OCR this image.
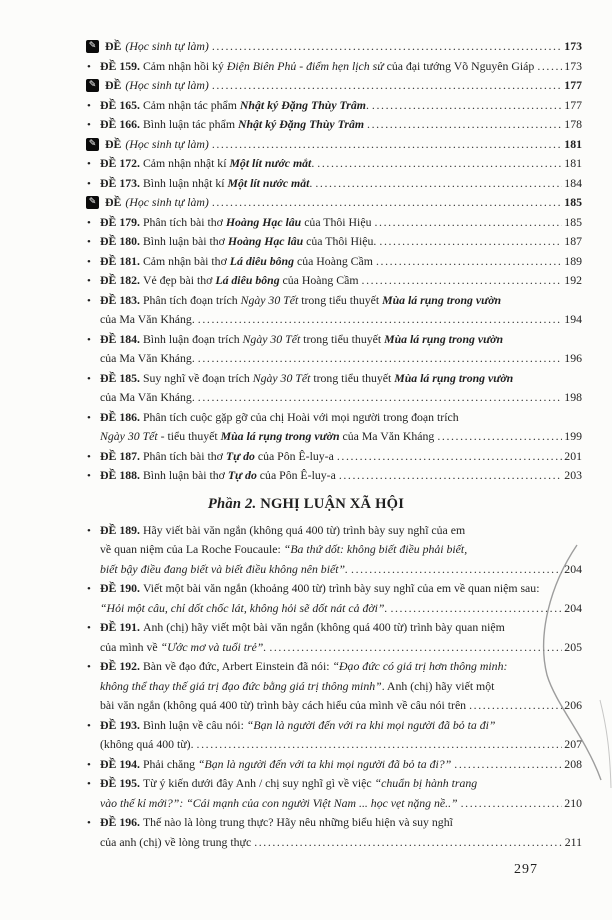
✎ ĐỀ (Học sinh tự làm) .....	173
• ĐỀ 159. Cảm nhận hồi ký Điện Biên Phủ - điểm hẹn lịch sử của đại tướng Võ Nguyên Giáp .....	173
✎ ĐỀ (Học sinh tự làm) .....	177
• ĐỀ 165. Cảm nhận tác phẩm Nhật ký Đặng Thùy Trâm. .....	177
• ĐỀ 166. Bình luận tác phẩm Nhật ký Đặng Thùy Trâm .....	178
✎ ĐỀ (Học sinh tự làm) .....	181
• ĐỀ 172. Cảm nhận nhật kí Một lít nước mắt. .....	181
• ĐỀ 173. Bình luận nhật kí Một lít nước mắt. .....	184
✎ ĐỀ (Học sinh tự làm) .....	185
• ĐỀ 179. Phân tích bài thơ Hoàng Hạc lâu của Thôi Hiệu .....	185
• ĐỀ 180. Bình luận bài thơ Hoàng Hạc lâu của Thôi Hiệu. .....	187
• ĐỀ 181. Cảm nhận bài thơ Lá diêu bông của Hoàng Cầm .....	189
• ĐỀ 182. Vẻ đẹp bài thơ Lá diêu bông của Hoàng Cầm .....	192
• ĐỀ 183. Phân tích đoạn trích Ngày 30 Tết trong tiểu thuyết Mùa lá rụng trong vườn
của Ma Văn Kháng. .....	194
• ĐỀ 184. Bình luận đoạn trích Ngày 30 Tết trong tiểu thuyết Mùa lá rụng trong vườn
của Ma Văn Kháng. .....	196
• ĐỀ 185. Suy nghĩ về đoạn trích Ngày 30 Tết trong tiểu thuyết Mùa lá rụng trong vườn
của Ma Văn Kháng. .....	198
• ĐỀ 186. Phân tích cuộc gặp gỡ của chị Hoài với mọi người trong đoạn trích
Ngày 30 Tết - tiểu thuyết Mùa lá rụng trong vườn của Ma Văn Kháng .....	199
• ĐỀ 187. Phân tích bài thơ Tự do của Pôn Ê-luy-a .....	201
• ĐỀ 188. Bình luận bài thơ Tự do của Pôn Ê-luy-a .....	203
Phần 2. NGHỊ LUẬN XÃ HỘI
• ĐỀ 189. Hãy viết bài văn ngắn (không quá 400 từ) trình bày suy nghĩ của em
về quan niệm của La Roche Foucaule: “Ba thứ dốt: không biết điều phải biết,
biết bậy điều đang biết và biết điều không nên biết”. .....	204
• ĐỀ 190. Viết một bài văn ngắn (khoảng 400 từ) trình bày suy nghĩ của em về quan niệm sau:
“Hỏi một câu, chỉ dốt chốc lát, không hỏi sẽ dốt nát cả đời”. .....	204
• ĐỀ 191. Anh (chị) hãy viết một bài văn ngắn (không quá 400 từ) trình bày quan niệm
của mình về “Ước mơ và tuổi trẻ”. .....	205
• ĐỀ 192. Bàn về đạo đức, Arbert Einstein đã nói: “Đạo đức có giá trị hơn thông minh:
không thể thay thế giá trị đạo đức bằng giá trị thông minh”. Anh (chị) hãy viết một
bài văn ngắn (không quá 400 từ) trình bày cách hiểu của mình về câu nói trên .....	206
• ĐỀ 193. Bình luận về câu nói: “Bạn là người đến với ra khi mọi người đã bỏ ta đi”
(không quá 400 từ). .....	207
• ĐỀ 194. Phải chăng “Bạn là người đến với ta khi mọi người đã bỏ ta đi?” .....	208
• ĐỀ 195. Từ ý kiến dưới đây Anh / chị suy nghĩ gì về việc “chuẩn bị hành trang
vào thế kỉ mới?”: “Cái mạnh của con người Việt Nam ... học vẹt nặng nề..” .....	210
• ĐỀ 196. Thế nào là lòng trung thực? Hãy nêu những biểu hiện và suy nghĩ
của anh (chị) về lòng trung thực .....	211
297
